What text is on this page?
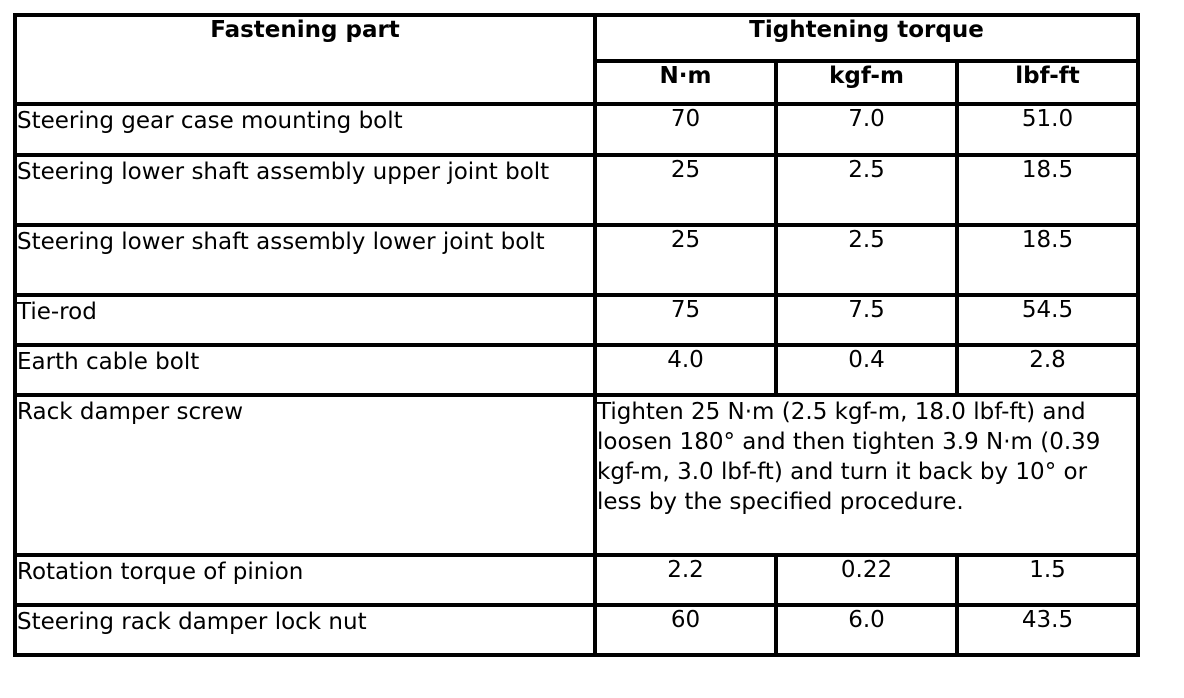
Fastening part	Tightening torque		
	N·m	kgf-m	lbf-ft
Steering gear case mounting bolt	70	7.0	51.0
Steering lower shaft assembly upper joint bolt	25	2.5	18.5
Steering lower shaft assembly lower joint bolt	25	2.5	18.5
Tie-rod	75	7.5	54.5
Earth cable bolt	4.0	0.4	2.8
Rack damper screw	Tighten 25 N·m (2.5 kgf-m, 18.0 lbf-ft) and loosen 180° and then tighten 3.9 N·m (0.39 kgf-m, 3.0 lbf-ft) and turn it back by 10° or less by the specified procedure.		
Rotation torque of pinion	2.2	0.22	1.5
Steering rack damper lock nut	60	6.0	43.5
